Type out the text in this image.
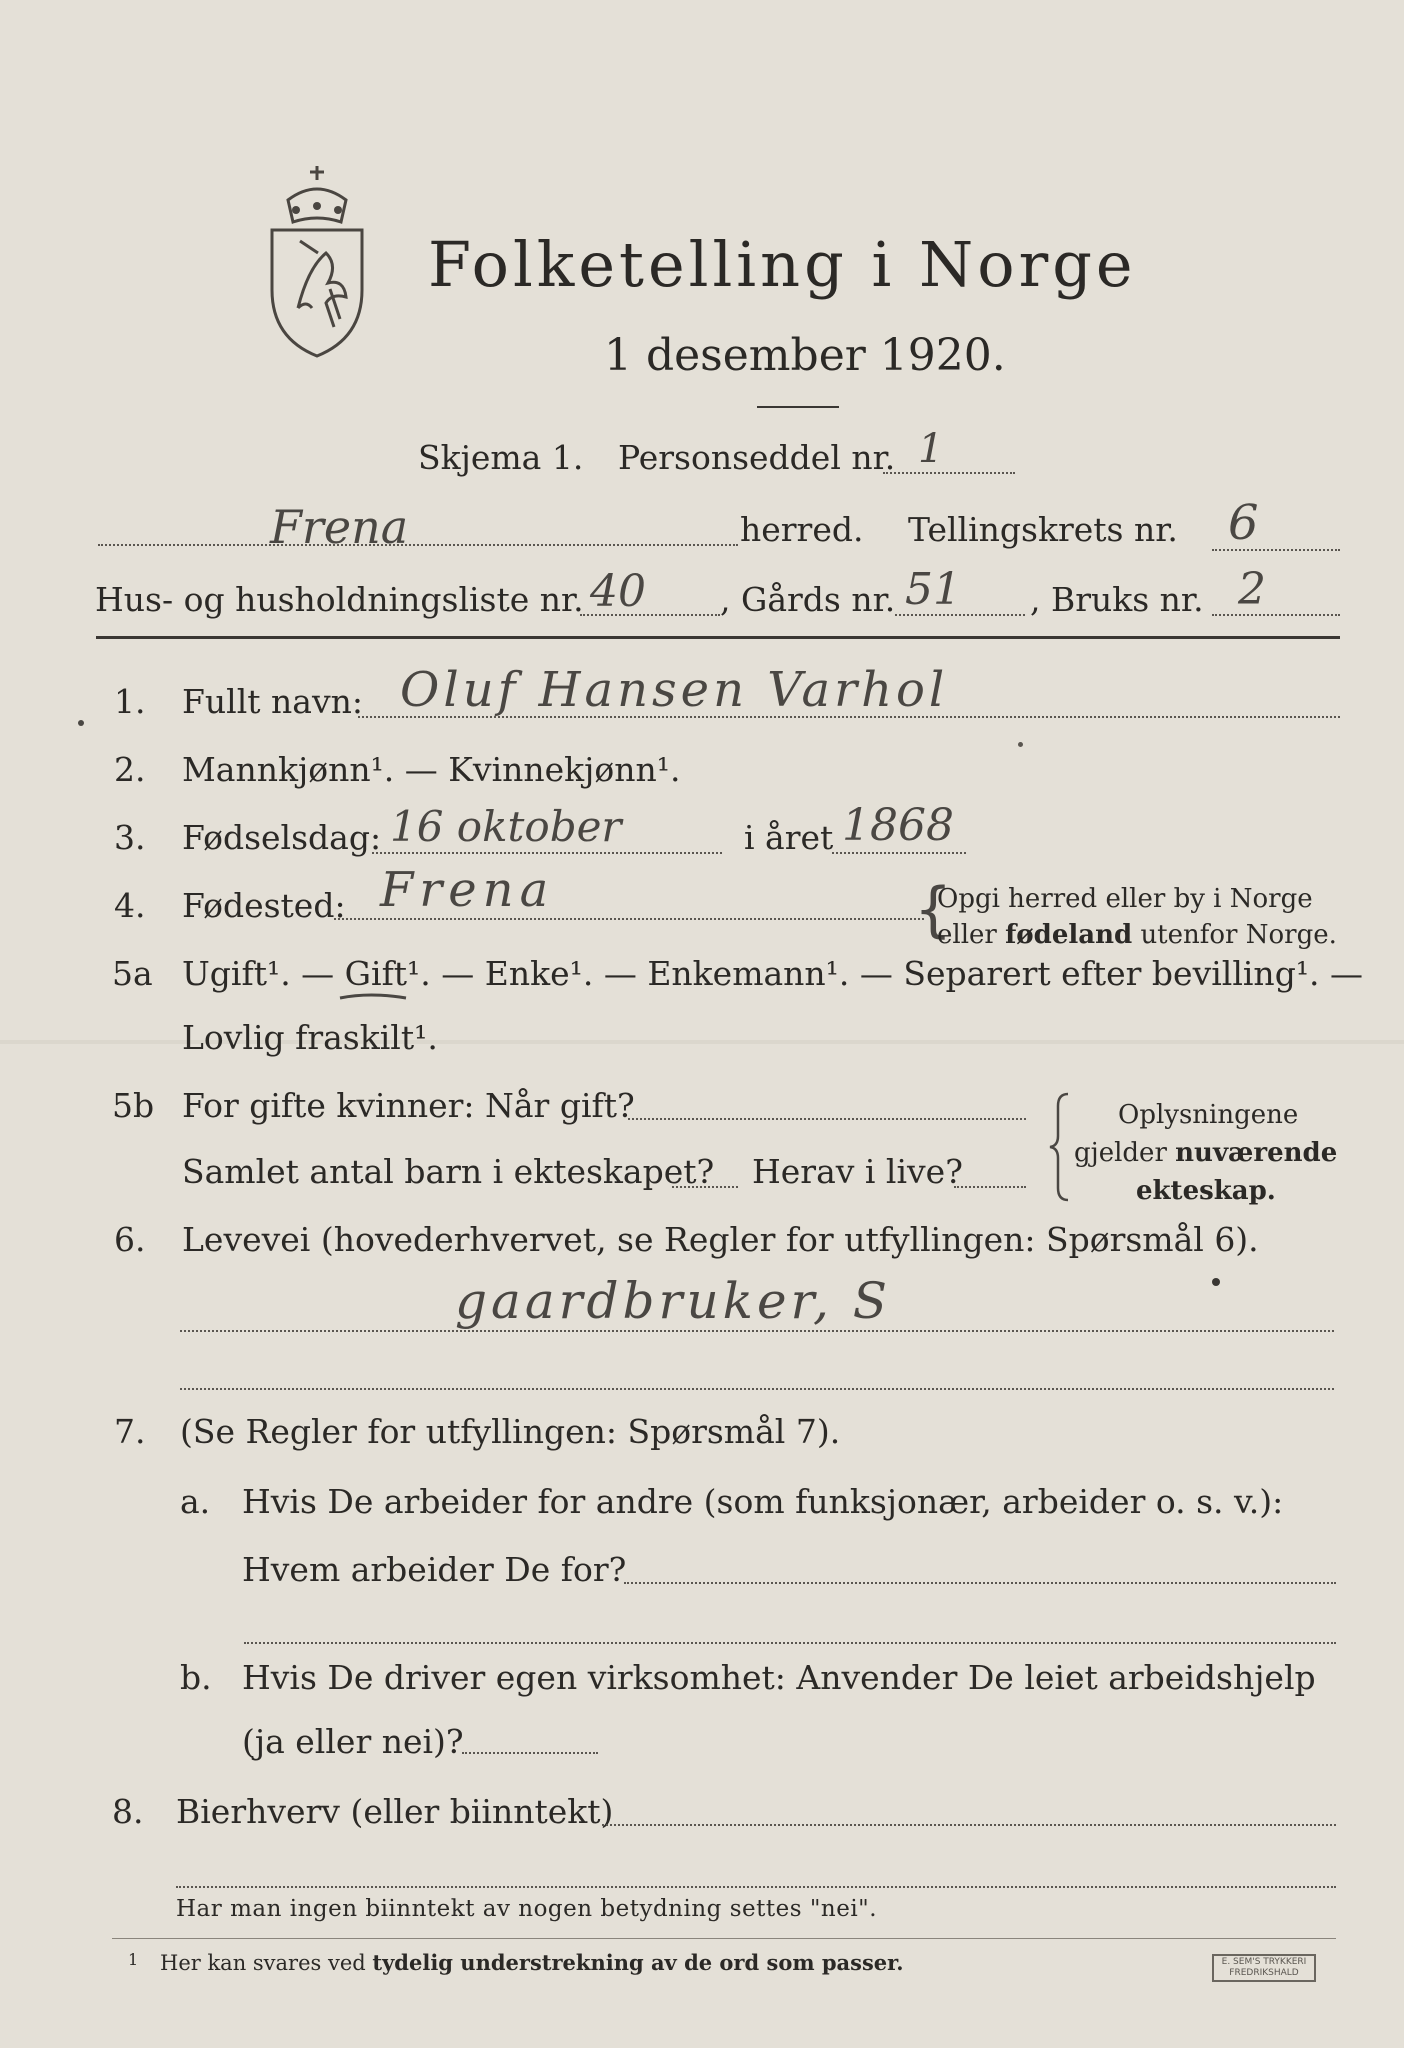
Folketelling i Norge
1 desember 1920.
Skjema 1. Personseddel nr. 1
Frena	herred. Tellingskrets nr. 6
Hus- og husholdningsliste nr. 40 , Gårds nr. 51 , Bruks nr. 2
1. Fullt navn: Oluf Hansen Varhol
2. Mannkjønn¹. — Kvinnekjønn¹.
3. Fødselsdag: 16 oktober	i året 1868
4. Fødested: Frena	{
Opgi herred eller by i Norge
eller fødeland utenfor Norge.
5a Ugift¹. — Gift¹. — Enke¹. — Enkemann¹. — Separert efter bevilling¹. —
Lovlig fraskilt¹.
5b For gifte kvinner: Når gift?
Samlet antal barn i ekteskapet? Herav i live?
Oplysningene
gjelder nuværende
ekteskap.
6. Levevei (hovederhvervet, se Regler for utfyllingen: Spørsmål 6).
gaardbruker, S
7. (Se Regler for utfyllingen: Spørsmål 7).
a. Hvis De arbeider for andre (som funksjonær, arbeider o. s. v.):
Hvem arbeider De for?
b. Hvis De driver egen virksomhet: Anvender De leiet arbeidshjelp
(ja eller nei)?
8. Bierhverv (eller biinntekt)
Har man ingen biinntekt av nogen betydning settes "nei".
1 Her kan svares ved tydelig understrekning av de ord som passer.	E. SEM'S TRYKKERI
FREDRIKSHALD
